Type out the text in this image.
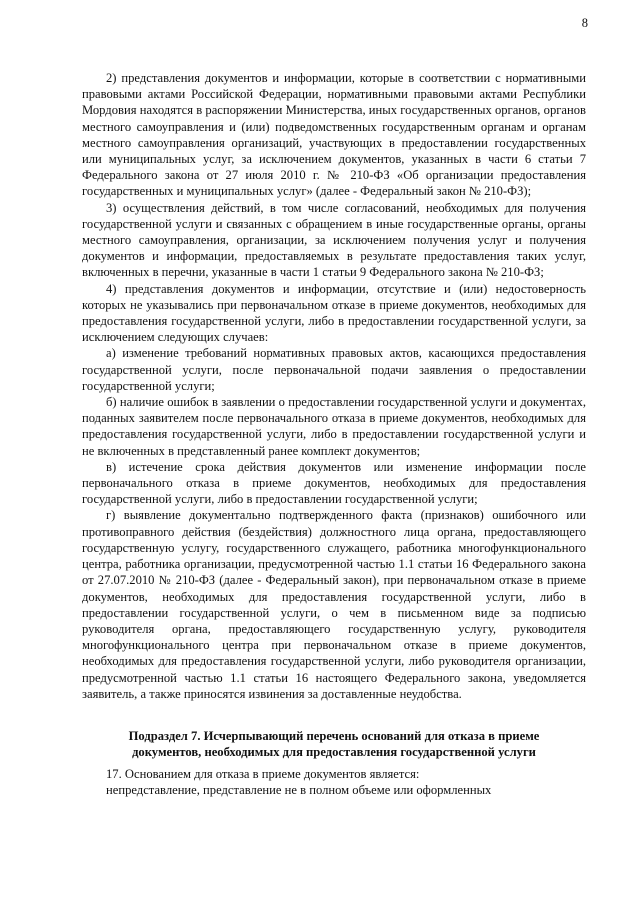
8

2) представления документов и информации, которые в соответствии с нормативными правовыми актами Российской Федерации, нормативными правовыми актами Республики Мордовия находятся в распоряжении Министерства, иных государственных органов, органов местного самоуправления и (или) подведомственных государственным органам и органам местного самоуправления организаций, участвующих в предоставлении государственных или муниципальных услуг, за исключением документов, указанных в части 6 статьи 7 Федерального закона от 27 июля 2010 г. № 210-ФЗ «Об организации предоставления государственных и муниципальных услуг» (далее - Федеральный закон № 210-ФЗ);

3) осуществления действий, в том числе согласований, необходимых для получения государственной услуги и связанных с обращением в иные государственные органы, органы местного самоуправления, организации, за исключением получения услуг и получения документов и информации, предоставляемых в результате предоставления таких услуг, включенных в перечни, указанные в части 1 статьи 9 Федерального закона № 210-ФЗ;

4) представления документов и информации, отсутствие и (или) недостоверность которых не указывались при первоначальном отказе в приеме документов, необходимых для предоставления государственной услуги, либо в предоставлении государственной услуги, за исключением следующих случаев:

а) изменение требований нормативных правовых актов, касающихся предоставления государственной услуги, после первоначальной подачи заявления о предоставлении государственной услуги;

б) наличие ошибок в заявлении о предоставлении государственной услуги и документах, поданных заявителем после первоначального отказа в приеме документов, необходимых для предоставления государственной услуги, либо в предоставлении государственной услуги и не включенных в представленный ранее комплект документов;

в) истечение срока действия документов или изменение информации после первоначального отказа в приеме документов, необходимых для предоставления государственной услуги, либо в предоставлении государственной услуги;

г) выявление документально подтвержденного факта (признаков) ошибочного или противоправного действия (бездействия) должностного лица органа, предоставляющего государственную услугу, государственного служащего, работника многофункционального центра, работника организации, предусмотренной частью 1.1 статьи 16 Федерального закона от 27.07.2010 № 210-ФЗ (далее - Федеральный закон), при первоначальном отказе в приеме документов, необходимых для предоставления государственной услуги, либо в предоставлении государственной услуги, о чем в письменном виде за подписью руководителя органа, предоставляющего государственную услугу, руководителя многофункционального центра при первоначальном отказе в приеме документов, необходимых для предоставления государственной услуги, либо руководителя организации, предусмотренной частью 1.1 статьи 16 настоящего Федерального закона, уведомляется заявитель, а также приносятся извинения за доставленные неудобства.

Подраздел 7. Исчерпывающий перечень оснований для отказа в приеме
документов, необходимых для предоставления государственной услуги

17. Основанием для отказа в приеме документов является:

непредставление, представление не в полном объеме или оформленных
